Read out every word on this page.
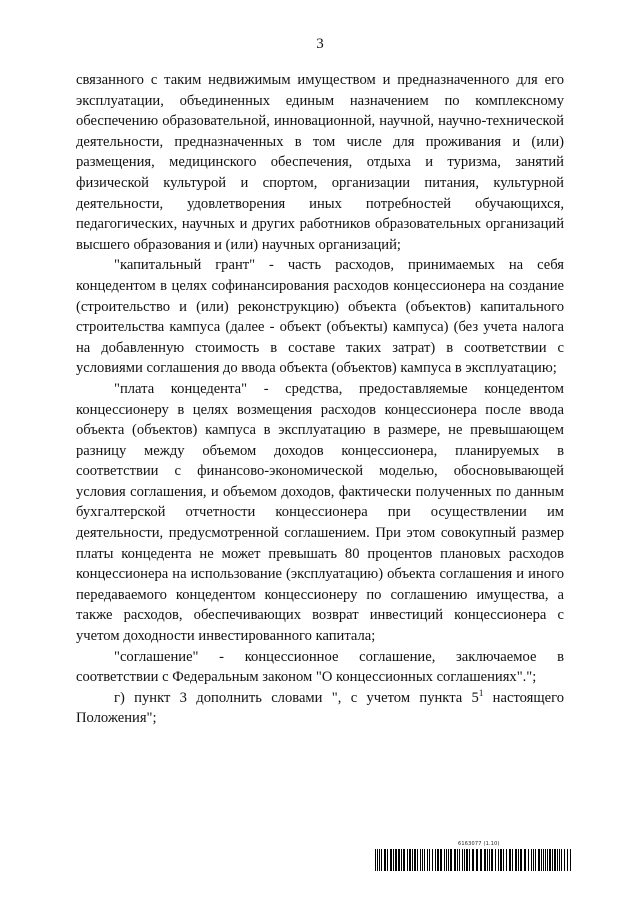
3

связанного с таким недвижимым имуществом и предназначенного для его эксплуатации, объединенных единым назначением по комплексному обеспечению образовательной, инновационной, научной, научно-технической деятельности, предназначенных в том числе для проживания и (или) размещения, медицинского обеспечения, отдыха и туризма, занятий физической культурой и спортом, организации питания, культурной деятельности, удовлетворения иных потребностей обучающихся, педагогических, научных и других работников образовательных организаций высшего образования и (или) научных организаций;

"капитальный грант" - часть расходов, принимаемых на себя концедентом в целях софинансирования расходов концессионера на создание (строительство и (или) реконструкцию) объекта (объектов) капитального строительства кампуса (далее - объект (объекты) кампуса) (без учета налога на добавленную стоимость в составе таких затрат) в соответствии с условиями соглашения до ввода объекта (объектов) кампуса в эксплуатацию;

"плата концедента" - средства, предоставляемые концедентом концессионеру в целях возмещения расходов концессионера после ввода объекта (объектов) кампуса в эксплуатацию в размере, не превышающем разницу между объемом доходов концессионера, планируемых в соответствии с финансово-экономической моделью, обосновывающей условия соглашения, и объемом доходов, фактически полученных по данным бухгалтерской отчетности концессионера при осуществлении им деятельности, предусмотренной соглашением. При этом совокупный размер платы концедента не может превышать 80 процентов плановых расходов концессионера на использование (эксплуатацию) объекта соглашения и иного передаваемого концедентом концессионеру по соглашению имущества, а также расходов, обеспечивающих возврат инвестиций концессионера с учетом доходности инвестированного капитала;

"соглашение" - концессионное соглашение, заключаемое в соответствии с Федеральным законом "О концессионных соглашениях".";

г) пункт 3 дополнить словами ", с учетом пункта $5^1$ настоящего Положения";

6163077 (1.10)
